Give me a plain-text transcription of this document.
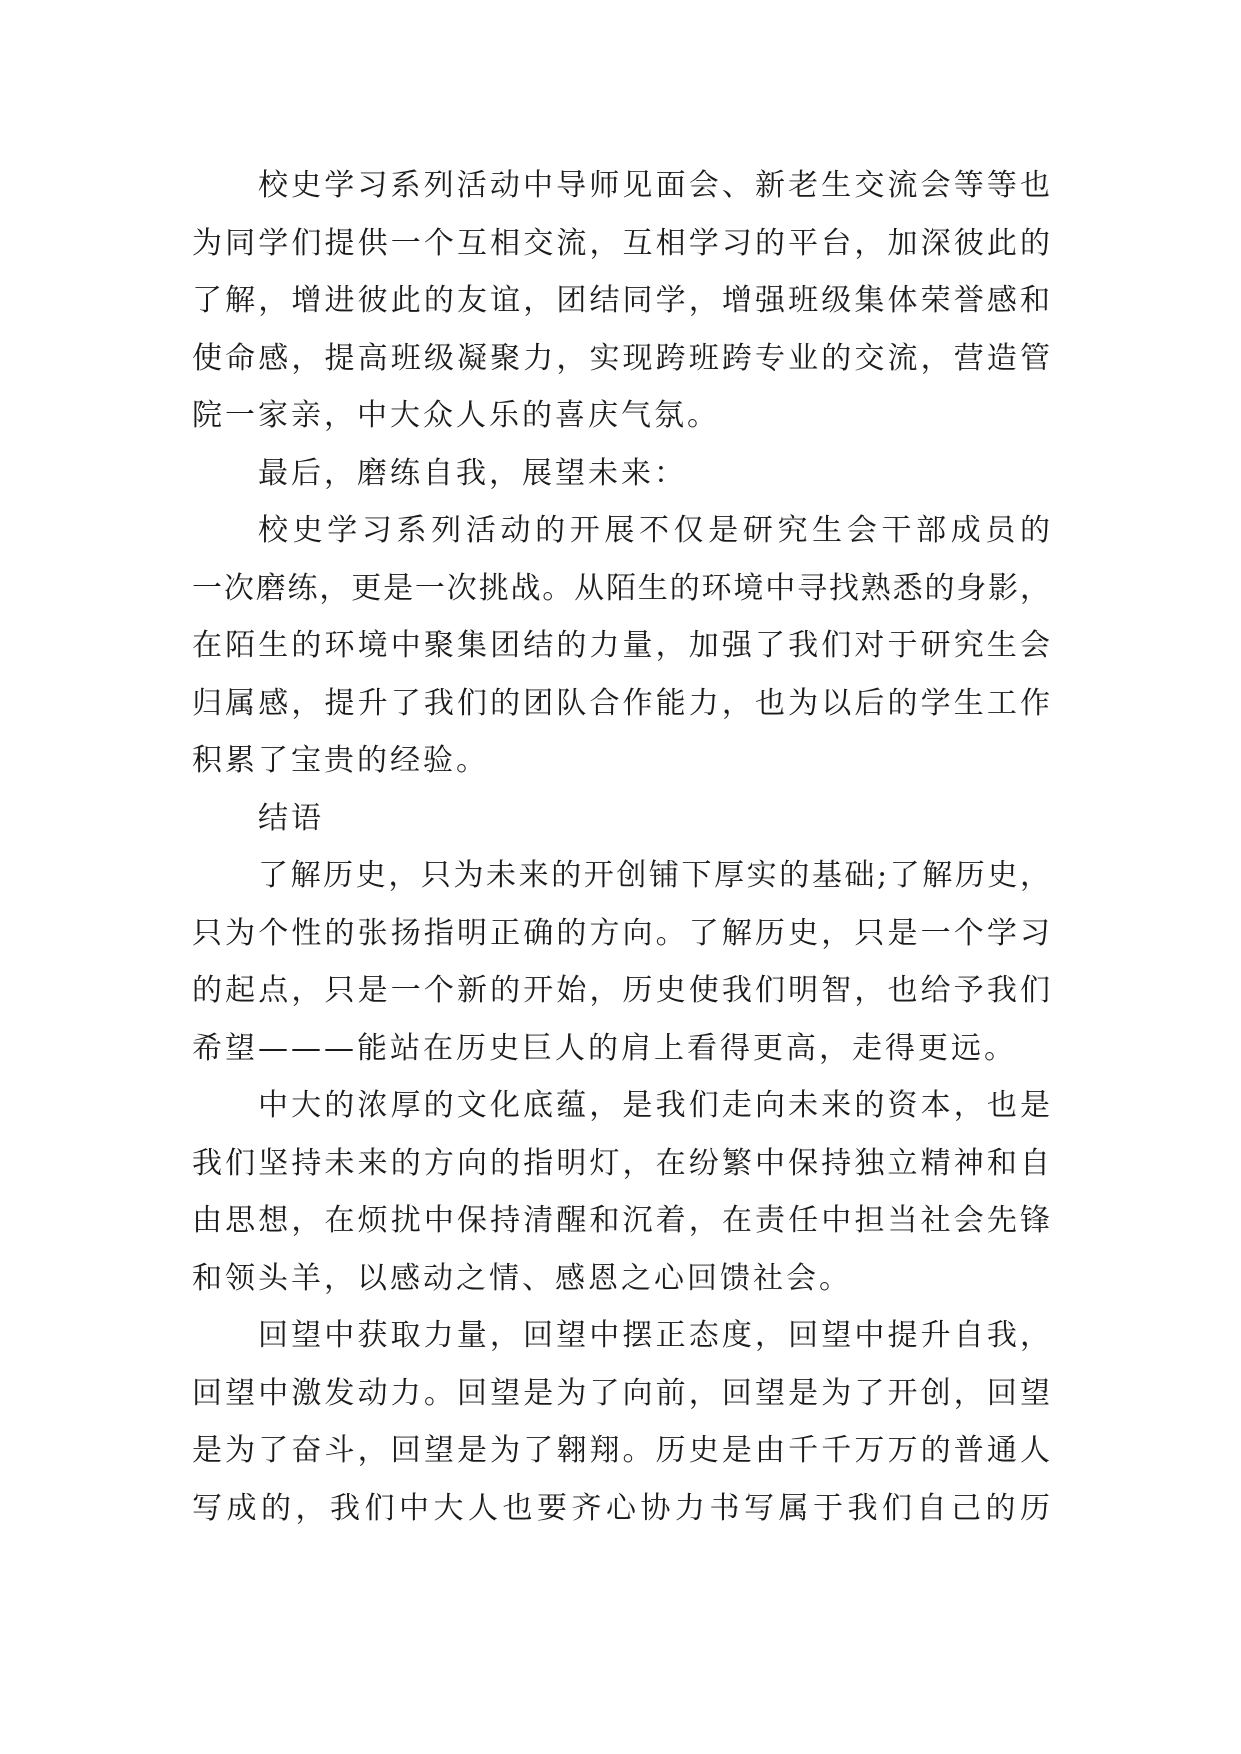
校史学习系列活动中导师见面会、新老生交流会等等也
为同学们提供一个互相交流，互相学习的平台，加深彼此的
了解，增进彼此的友谊，团结同学，增强班级集体荣誉感和
使命感，提高班级凝聚力，实现跨班跨专业的交流，营造管
院一家亲，中大众人乐的喜庆气氛。
最后，磨练自我，展望未来：
校史学习系列活动的开展不仅是研究生会干部成员的
一次磨练，更是一次挑战。从陌生的环境中寻找熟悉的身影，
在陌生的环境中聚集团结的力量，加强了我们对于研究生会
归属感，提升了我们的团队合作能力，也为以后的学生工作
积累了宝贵的经验。
结语
了解历史，只为未来的开创铺下厚实的基础;了解历史，
只为个性的张扬指明正确的方向。了解历史，只是一个学习
的起点，只是一个新的开始，历史使我们明智，也给予我们
希望———能站在历史巨人的肩上看得更高，走得更远。
中大的浓厚的文化底蕴，是我们走向未来的资本，也是
我们坚持未来的方向的指明灯，在纷繁中保持独立精神和自
由思想，在烦扰中保持清醒和沉着，在责任中担当社会先锋
和领头羊，以感动之情、感恩之心回馈社会。
回望中获取力量，回望中摆正态度，回望中提升自我，
回望中激发动力。回望是为了向前，回望是为了开创，回望
是为了奋斗，回望是为了翱翔。历史是由千千万万的普通人
写成的，我们中大人也要齐心协力书写属于我们自己的历
